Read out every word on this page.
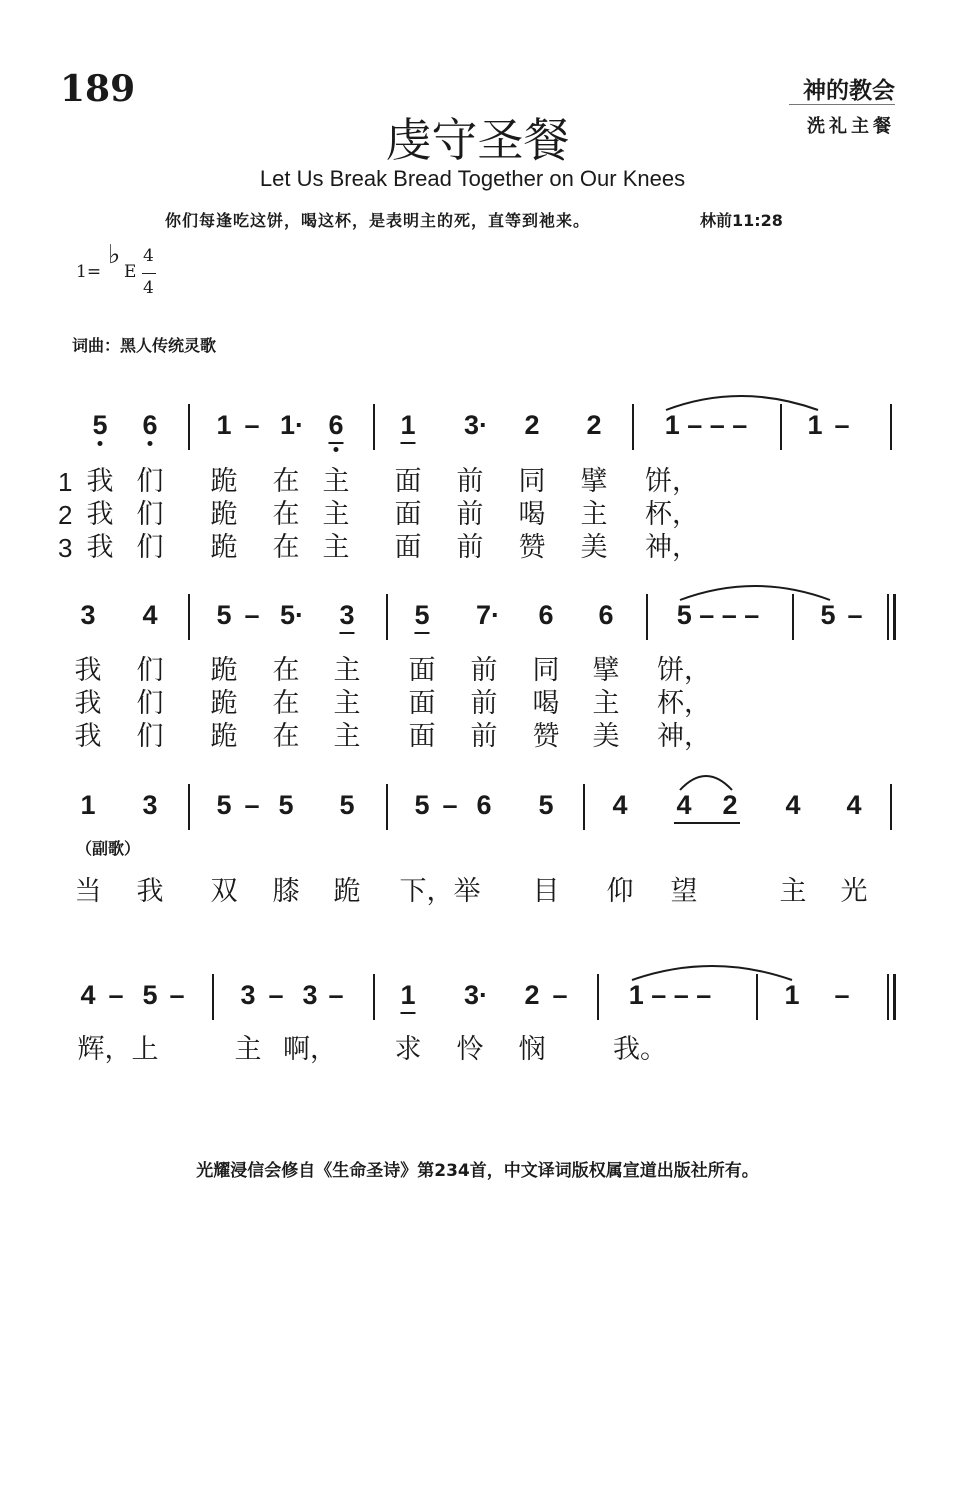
189	神的教会
洗礼主餐
虔守圣餐
Let Us Break Bread Together on Our Knees
你们每逢吃这饼，喝这杯，是表明主的死，直等到祂来。	林前11:28
1=
♭
E
4
4
词曲：黑人传统灵歌
5 6 1 – 1· 6 1 3· 2 2 1 – – – 1 –
1
2
3
3 4 5 – 5· 3 5 7· 6 6 5 – – – 5 –
1 3 5 – 5 5 5 – 6 5 4 4 2 4 4
（副歌）
4 – 5 – 3 – 3 – 1 3· 2 – 1 – – –	1 –
我 们 跪 在 主 面 前 同 擘 饼，
我 们 跪 在 主 面 前 喝 主 杯，
我 们 跪 在 主 面 前 赞 美 神，
我 们 跪 在 主 面 前 同 擘 饼，
我 们 跪 在 主 面 前 喝 主 杯，
我 们 跪 在 主 面 前 赞 美 神，
当 我 双 膝 跪 下，举 目 仰 望	主 光
辉，上	主 啊， 求 怜 悯	我。
光耀浸信会修自《生命圣诗》第234首，中文译词版权属宣道出版社所有。
